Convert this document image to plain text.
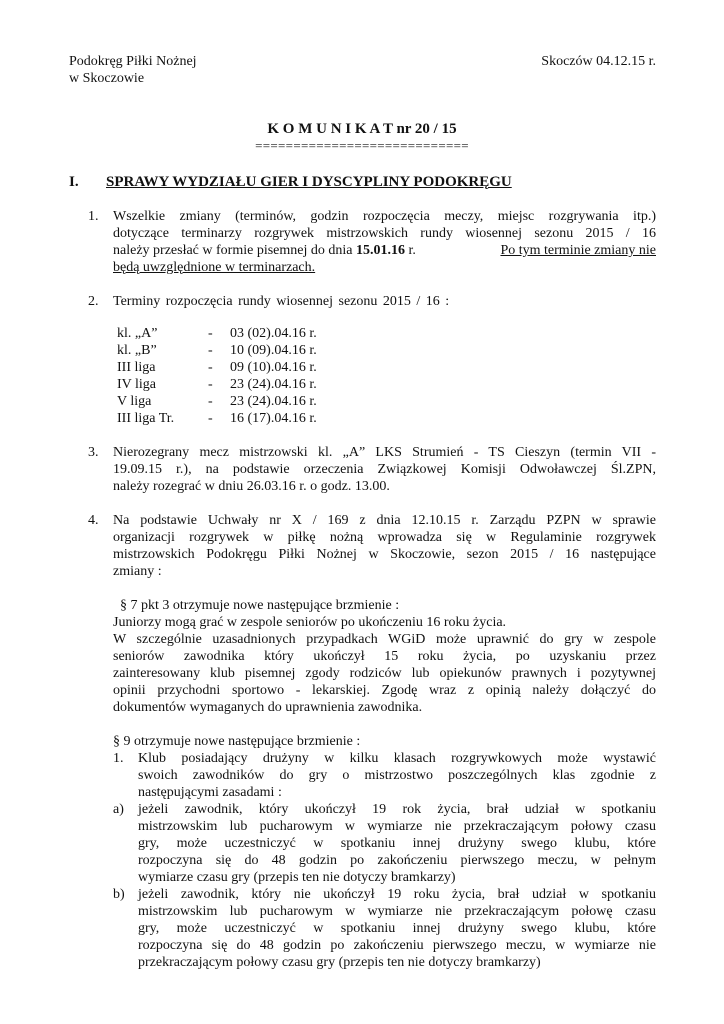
Podokręg Piłki Nożnej
w Skoczowie
Skoczów 04.12.15 r.
K O M U N I K A T nr 20 / 15
============================
I. SPRAWY WYDZIAŁU GIER I DYSCYPLINY PODOKRĘGU
1. Wszelkie zmiany (terminów, godzin rozpoczęcia meczy, miejsc rozgrywania itp.)
dotyczące terminarzy rozgrywek mistrzowskich rundy wiosennej sezonu 2015 / 16
należy przesłać w formie pisemnej do dnia 15.01.16 r.	Po tym terminie zmiany nie
będą uwzględnione w terminarzach.
2. Terminy rozpoczęcia rundy wiosennej sezonu 2015 / 16 :
kl. „A”	- 03 (02).04.16 r.
kl. „B”	- 10 (09).04.16 r.
III liga	- 09 (10).04.16 r.
IV liga	- 23 (24).04.16 r.
V liga	- 23 (24).04.16 r.
III liga Tr. - 16 (17).04.16 r.
3. Nierozegrany mecz mistrzowski kl. „A” LKS Strumień - TS Cieszyn (termin VII -
19.09.15 r.), na podstawie orzeczenia Związkowej Komisji Odwoławczej Śl.ZPN,
należy rozegrać w dniu 26.03.16 r. o godz. 13.00.
4. Na podstawie Uchwały nr X / 169 z dnia 12.10.15 r. Zarządu PZPN w sprawie
organizacji rozgrywek w piłkę nożną wprowadza się w Regulaminie rozgrywek
mistrzowskich Podokręgu Piłki Nożnej w Skoczowie, sezon 2015 / 16 następujące
zmiany :
§ 7 pkt 3 otrzymuje nowe następujące brzmienie :
Juniorzy mogą grać w zespole seniorów po ukończeniu 16 roku życia.
W szczególnie uzasadnionych przypadkach WGiD może uprawnić do gry w zespole
seniorów zawodnika który ukończył 15 roku życia, po uzyskaniu przez
zainteresowany klub pisemnej zgody rodziców lub opiekunów prawnych i pozytywnej
opinii przychodni sportowo - lekarskiej. Zgodę wraz z opinią należy dołączyć do
dokumentów wymaganych do uprawnienia zawodnika.
§ 9 otrzymuje nowe następujące brzmienie :
1. Klub posiadający drużyny w kilku klasach rozgrywkowych może wystawić
swoich zawodników do gry o mistrzostwo poszczególnych klas zgodnie z
następującymi zasadami :
a) jeżeli zawodnik, który ukończył 19 rok życia, brał udział w spotkaniu
mistrzowskim lub pucharowym w wymiarze nie przekraczającym połowy czasu
gry, może uczestniczyć w spotkaniu innej drużyny swego klubu, które
rozpoczyna się do 48 godzin po zakończeniu pierwszego meczu, w pełnym
wymiarze czasu gry (przepis ten nie dotyczy bramkarzy)
b) jeżeli zawodnik, który nie ukończył 19 roku życia, brał udział w spotkaniu
mistrzowskim lub pucharowym w wymiarze nie przekraczającym połowę czasu
gry, może uczestniczyć w spotkaniu innej drużyny swego klubu, które
rozpoczyna się do 48 godzin po zakończeniu pierwszego meczu, w wymiarze nie
przekraczającym połowy czasu gry (przepis ten nie dotyczy bramkarzy)
